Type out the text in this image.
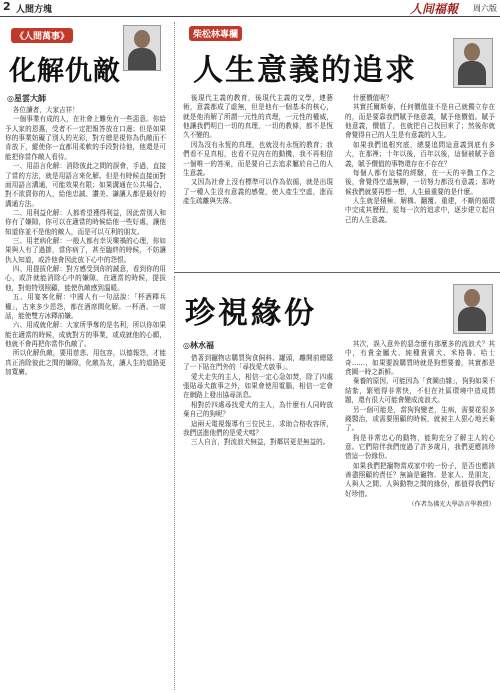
2 人間方塊	人间福報 周六版
《人間萬事》
化解仇敵
◎星雲大師

各位讀者，大家吉祥！

一個事業有成的人，在社會上難免有一些惡意。你給予人家的恩惠，受者不一定把報答放在口邊；但是如果你的事業妨礙了別人的光彩，對方總是視你為仇敵而不肯放下，縱使你一直都用柔軟的手段對待他，他還是可能把你當作敵人看待。

一、用語言化解：消除彼此之間的誤會，手過，直接了當的方法，就是用語言來化解。但是有時候直接面對面用語言溝通，可能效果有限；如果溝通在公共場合，對不欲賣你的人，給他忠誠、讚美、謙讓人都是最好的溝通方法。

二、用利益化解：人都希望獲得利益，因此當別人和你有了嫌隙，你可以在適當的時候給他一些好處，讓他知道你並不是他的敵人，而是可以互利的朋友。

三、用老病化解：一般人都有幸災樂禍的心理，你如果與人有了過節，當你病了，甚至臨終的時候，不妨讓仇人知道，或許他會因此放下心中的怨恨。

四、用提拔化解：對方感受到你的誠意，看到你的用心，或許就能消除心中的嫌隙，在適當的時候，提拔他，對他特別照顧，能使仇敵感到溫暖。

五、用宴客化解：中國人有一句話說：「杯酒釋兵權」，古來多少恩怨，都在酒席間化解。一杯酒、一席話，能使雙方冰釋前嫌。

六、用成就化解：大家所爭奪的是名利，所以你如果能在適當的時候，成就對方的事業，或成就他的心願，他就不會再把你當作仇敵了。

所以化解仇敵，要用慈悲、用包容，以德報怨，才能真正消除彼此之間的嫌隙，化敵為友，讓人生的道路更加寬廣。

柴松林專欄
人生意義的追求

後現代主義的教育，後現代主義的文學，連藝術，意義都成了虛無，但是他有一個基本的核心，就是他消解了所謂一元性的真理，一元性的權威，他讓我們明白一切的真理，一切的教條，都不是恆久不變的。

因為沒有永恆的真理，也就沒有永恆的教育；我們看不見真相，也看不見內在的動機，我不再相信一個唯一的答案，而是要自己去追求屬於自己的人生意義。

又因為社會上沒有標準可以作為依循，就是出現了一種人生沒有意義的感覺，使人產生空虛，進而產生疏離與失落。

什麼價值呢？

其實托爾斯泰，任何價值並不是自己就獨立存在的，而是要靠我們賦予他意義，賦予他價值。賦予他意義，價值了，也就把自己找回來了；然後你就會覺得自己的人生是有意義的人生。

如果我們追根究底，總要追問這意義到底有多大，在那裡；十年以後，百年以後，這個被賦予意義，賦予價值的事物還存在不存在？

每個人都有這樣的經驗，在一天的辛勤工作之後，會覺得空虛無聊，一切努力都沒有意義；那時候我們就要再想一想，人生最重要的是什麼。

人生就是積極、解構、翻覆、重建，不斷的循環中完成其歷程，從每一次的追求中，逐步建立起自己的人生意義。

珍視緣份
◎林水福

借著到寵物店購買狗食飼料、罐頭，離開前總隱了一下貼在門外的「尋找愛犬啟事」。

愛犬走失的主人，相信一定心急如焚，除了四處張貼尋犬啟事之外，如果會使用電腦，相信一定會在網路上發出協尋訊息。

相對於四處尋找愛犬的主人，為什麼有人同時放棄自己的狗呢？

這兩天電視報導有三位民主，求助合格收容所，我們送進他們的是愛犬嗎？

三人自言，對流浪犬無益，對鄰居更是無益的。

其次，誤入意外的惡念麼有那麼多的流浪犬？其中，有貴金屬犬、純種貴賓犬、米格魯、哈士奇……，如果要說購買時就是狗想要養，其實都是貪圖一時之新鮮。

棄養的原因，可能因為「貪圖由雜」，狗狗如果不結紮，繁殖得非常快，不但在社區環境中造成問題，還有很大可能會變成流浪犬。

另一個可能是，當狗狗變老，生病，需要花很多錢醫治，或需要照顧的時候，就被主人狠心地丟棄了。

狗是非常忠心的動物，能夠充分了解主人的心意。它們陪伴我們度過了許多歲月，我們更應該珍惜這一份緣份。

如果我們把寵物當成家中的一份子，是否也應該善盡照顧的責任？無論是寵物、是家人、是朋友，人與人之間、人與動物之間的緣份，都值得我們好好珍惜。

（作者為佛光大學語言學教授）
